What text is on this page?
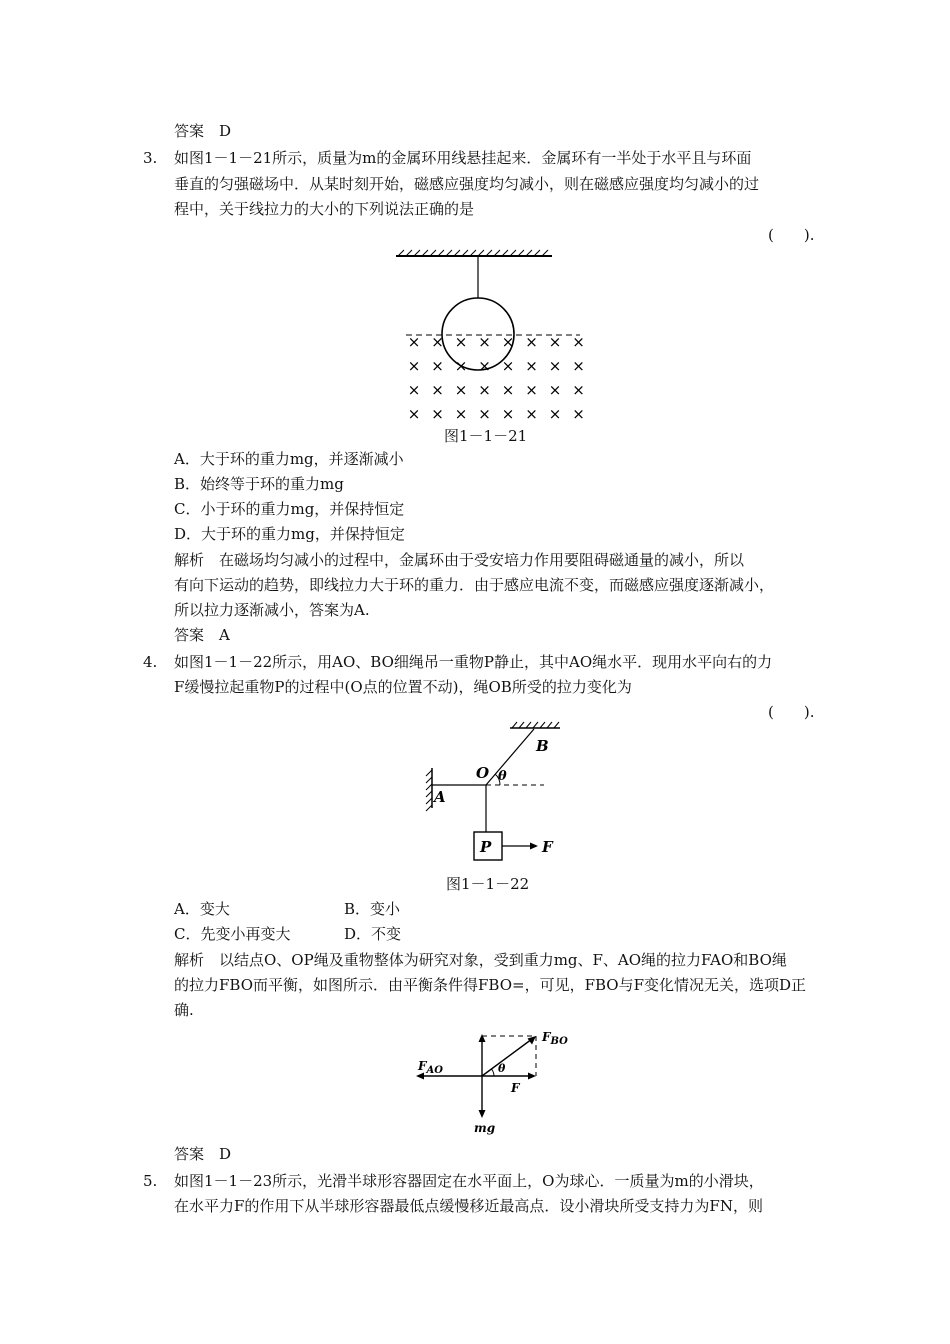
答案　D
3. 如图1－1－21所示，质量为m的金属环用线悬挂起来．金属环有一半处于水平且与环面
垂直的匀强磁场中．从某时刻开始，磁感应强度均匀减小，则在磁感应强度均匀减小的过
程中，关于线拉力的大小的下列说法正确的是
(　　).
× × × × × × × ×
× × × × × × × ×
× × × × × × × ×
× × × × × × × ×
图1－1－21
A．大于环的重力mg，并逐渐减小
B．始终等于环的重力mg
C．小于环的重力mg，并保持恒定
D．大于环的重力mg，并保持恒定
解析　在磁场均匀减小的过程中，金属环由于受安培力作用要阻碍磁通量的减小，所以
有向下运动的趋势，即线拉力大于环的重力．由于感应电流不变，而磁感应强度逐渐减小，
所以拉力逐渐减小，答案为A.
答案　A
4. 如图1－1－22所示，用AO、BO细绳吊一重物P静止，其中AO绳水平．现用水平向右的力
F缓慢拉起重物P的过程中(O点的位置不动)，绳OB所受的拉力变化为
(　　).
B
O θ
A
P	F
图1－1－22
A．变大	B．变小
C．先变小再变大	D．不变
解析　以结点O、OP绳及重物整体为研究对象，受到重力mg、F、AO绳的拉力FAO和BO绳
的拉力FBO而平衡，如图所示．由平衡条件得FBO=，可见，FBO与F变化情况无关，选项D正
确.
$F_{BO}$
$F_{AO}$	θ
F
mg
答案　D
5. 如图1－1－23所示，光滑半球形容器固定在水平面上，O为球心．一质量为m的小滑块，
在水平力F的作用下从半球形容器最低点缓慢移近最高点．设小滑块所受支持力为FN，则
